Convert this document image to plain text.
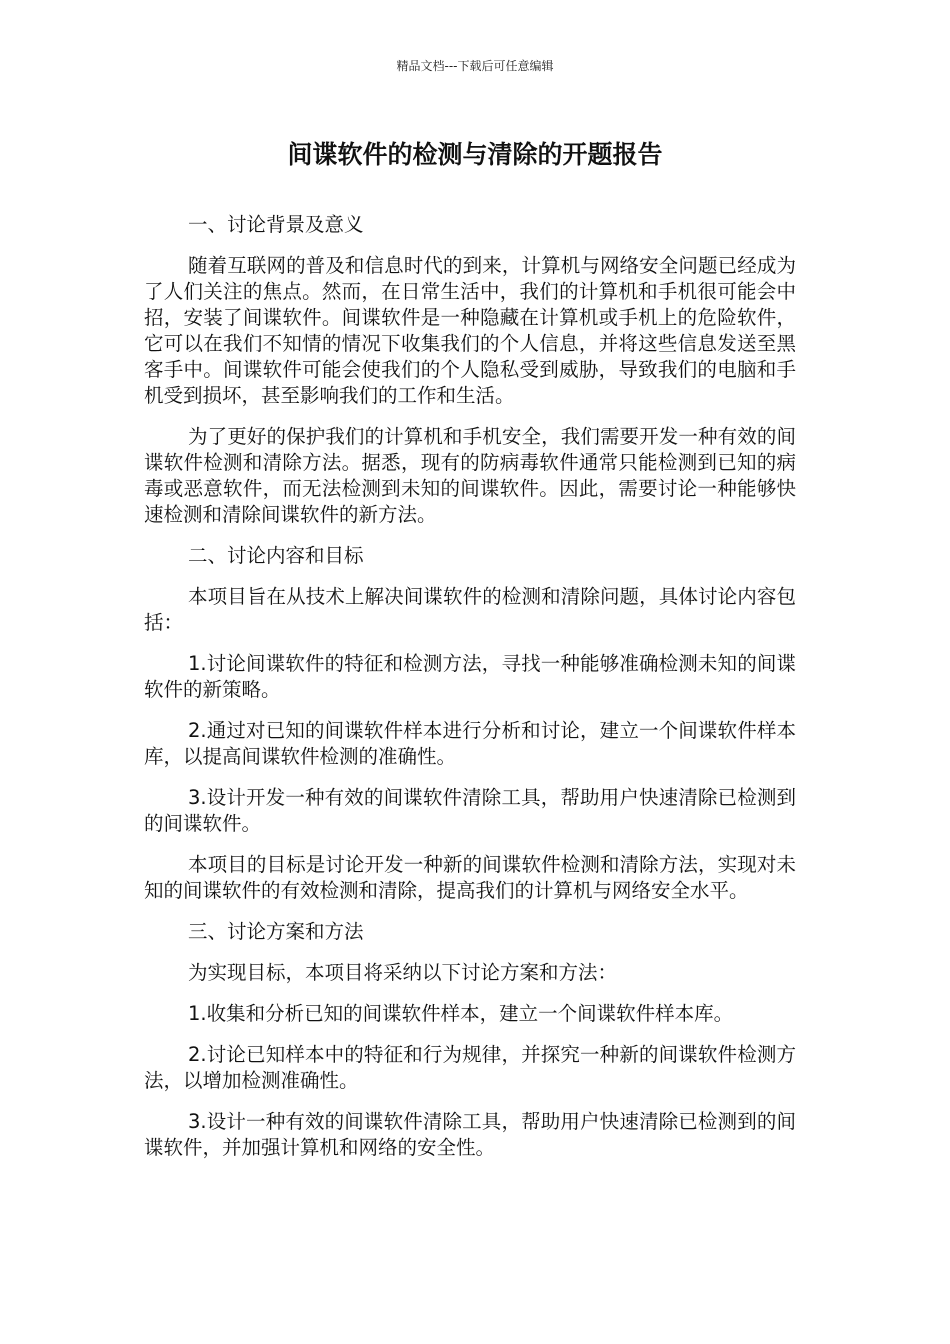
精品文档---下载后可任意编辑
间谍软件的检测与清除的开题报告

一、讨论背景及意义

随着互联网的普及和信息时代的到来，计算机与网络安全问题已经成为了人们关注的焦点。然而，在日常生活中，我们的计算机和手机很可能会中招，安装了间谍软件。间谍软件是一种隐藏在计算机或手机上的危险软件，它可以在我们不知情的情况下收集我们的个人信息，并将这些信息发送至黑客手中。间谍软件可能会使我们的个人隐私受到威胁，导致我们的电脑和手机受到损坏，甚至影响我们的工作和生活。

为了更好的保护我们的计算机和手机安全，我们需要开发一种有效的间谍软件检测和清除方法。据悉，现有的防病毒软件通常只能检测到已知的病毒或恶意软件，而无法检测到未知的间谍软件。因此，需要讨论一种能够快速检测和清除间谍软件的新方法。

二、讨论内容和目标

本项目旨在从技术上解决间谍软件的检测和清除问题，具体讨论内容包括：

1.讨论间谍软件的特征和检测方法，寻找一种能够准确检测未知的间谍软件的新策略。

2.通过对已知的间谍软件样本进行分析和讨论，建立一个间谍软件样本库，以提高间谍软件检测的准确性。

3.设计开发一种有效的间谍软件清除工具，帮助用户快速清除已检测到的间谍软件。

本项目的目标是讨论开发一种新的间谍软件检测和清除方法，实现对未知的间谍软件的有效检测和清除，提高我们的计算机与网络安全水平。

三、讨论方案和方法

为实现目标，本项目将采纳以下讨论方案和方法：

1.收集和分析已知的间谍软件样本，建立一个间谍软件样本库。

2.讨论已知样本中的特征和行为规律，并探究一种新的间谍软件检测方法，以增加检测准确性。

3.设计一种有效的间谍软件清除工具，帮助用户快速清除已检测到的间谍软件，并加强计算机和网络的安全性。
